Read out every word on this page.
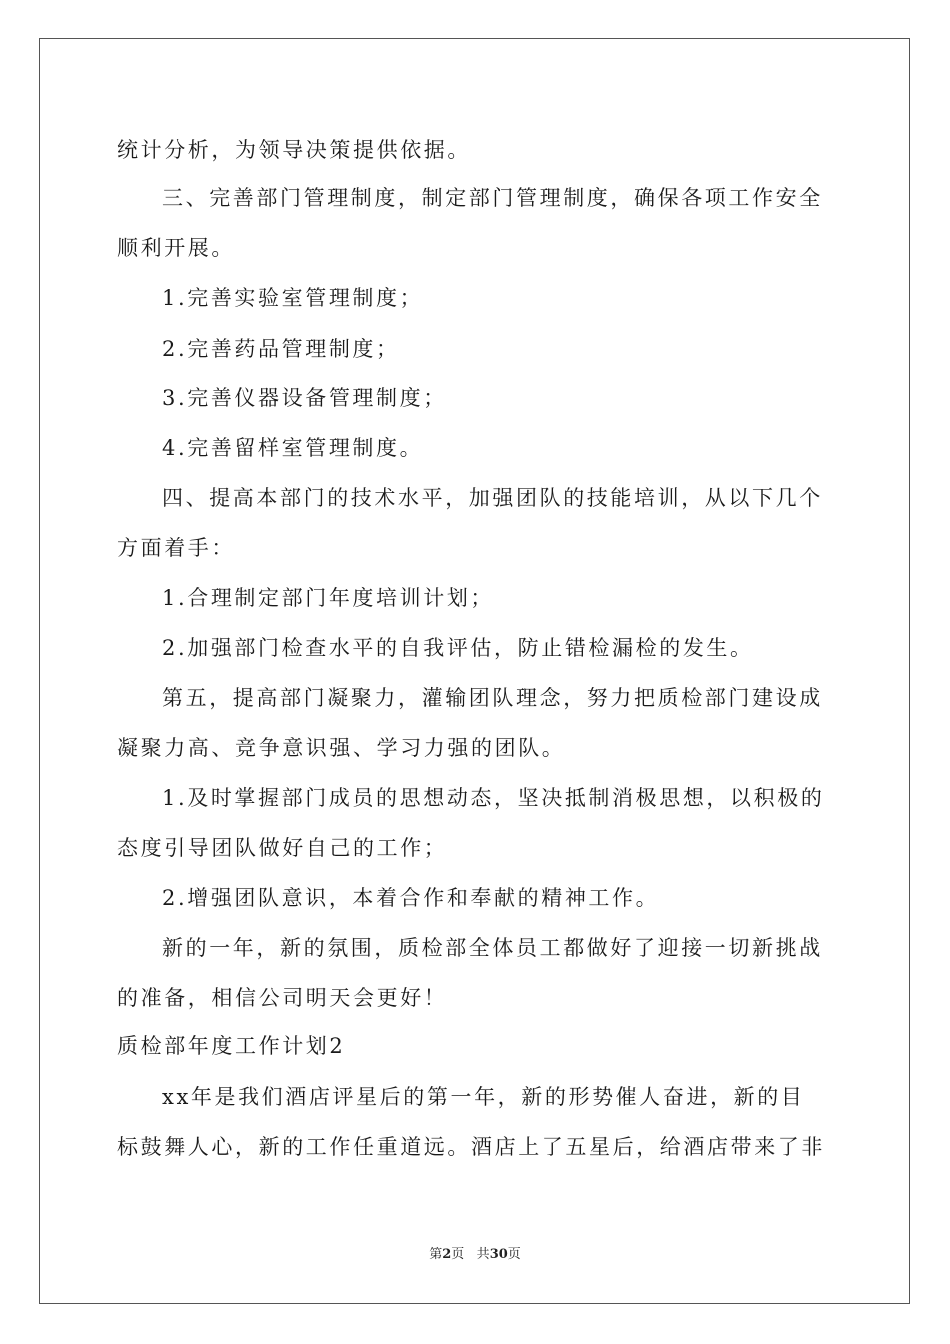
统计分析，为领导决策提供依据。
三、完善部门管理制度，制定部门管理制度，确保各项工作安全
顺利开展。
1.完善实验室管理制度；
2.完善药品管理制度；
3.完善仪器设备管理制度；
4.完善留样室管理制度。
四、提高本部门的技术水平，加强团队的技能培训，从以下几个
方面着手：
1.合理制定部门年度培训计划；
2.加强部门检查水平的自我评估，防止错检漏检的发生。
第五，提高部门凝聚力，灌输团队理念，努力把质检部门建设成
凝聚力高、竞争意识强、学习力强的团队。
1.及时掌握部门成员的思想动态，坚决抵制消极思想，以积极的
态度引导团队做好自己的工作；
2.增强团队意识，本着合作和奉献的精神工作。
新的一年，新的氛围，质检部全体员工都做好了迎接一切新挑战
的准备，相信公司明天会更好！
质检部年度工作计划2
xx年是我们酒店评星后的第一年，新的形势催人奋进，新的目
标鼓舞人心，新的工作任重道远。酒店上了五星后，给酒店带来了非
第2页 共30页
